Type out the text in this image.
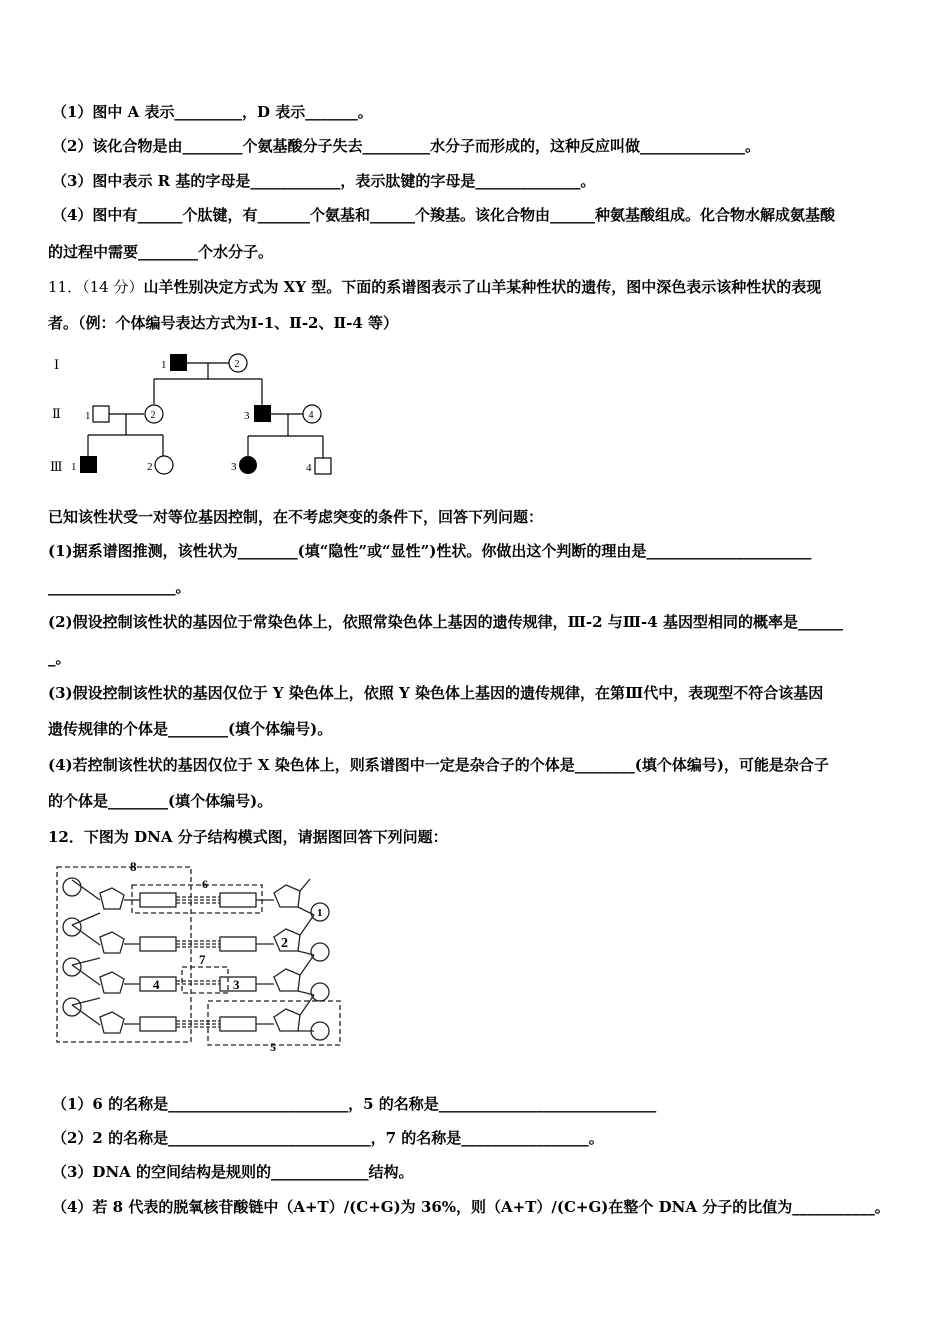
（1）图中 A 表示_________，D 表示_______。
（2）该化合物是由________个氨基酸分子失去_________水分子而形成的，这种反应叫做______________。
（3）图中表示 R 基的字母是____________，表示肽键的字母是______________。
（4）图中有______个肽键，有_______个氨基和______个羧基。该化合物由______种氨基酸组成。化合物水解成氨基酸
的过程中需要________个水分子。
11．（14 分）山羊性别决定方式为 XY 型。下面的系谱图表示了山羊某种性状的遗传，图中深色表示该种性状的表现
者。（例：个体编号表达方式为Ⅰ-1、Ⅱ-2、Ⅱ-4 等）
Ⅰ
Ⅱ
Ⅲ
1	2
1	2	3	4
1	2	3	4
已知该性状受一对等位基因控制，在不考虑突变的条件下，回答下列问题：
(1)据系谱图推测，该性状为________(填“隐性”或“显性”)性状。你做出这个判断的理由是______________________
_________________。
(2)假设控制该性状的基因位于常染色体上，依照常染色体上基因的遗传规律，Ⅲ-2 与Ⅲ-4 基因型相同的概率是______
_。
(3)假设控制该性状的基因仅位于 Y 染色体上，依照 Y 染色体上基因的遗传规律，在第Ⅲ代中，表现型不符合该基因
遗传规律的个体是________(填个体编号)。
(4)若控制该性状的基因仅位于 X 染色体上，则系谱图中一定是杂合子的个体是________(填个体编号)，可能是杂合子
的个体是________(填个体编号)。
12．下图为 DNA 分子结构模式图，请据图回答下列问题：
8
6
1
2
7
4	3
5
（1）6 的名称是________________________，5 的名称是_____________________________
（2）2 的名称是___________________________，7 的名称是_________________。
（3）DNA 的空间结构是规则的_____________结构。
（4）若 8 代表的脱氧核苷酸链中（A+T）/(C+G)为 36%，则（A+T）/(C+G)在整个 DNA 分子的比值为___________。
